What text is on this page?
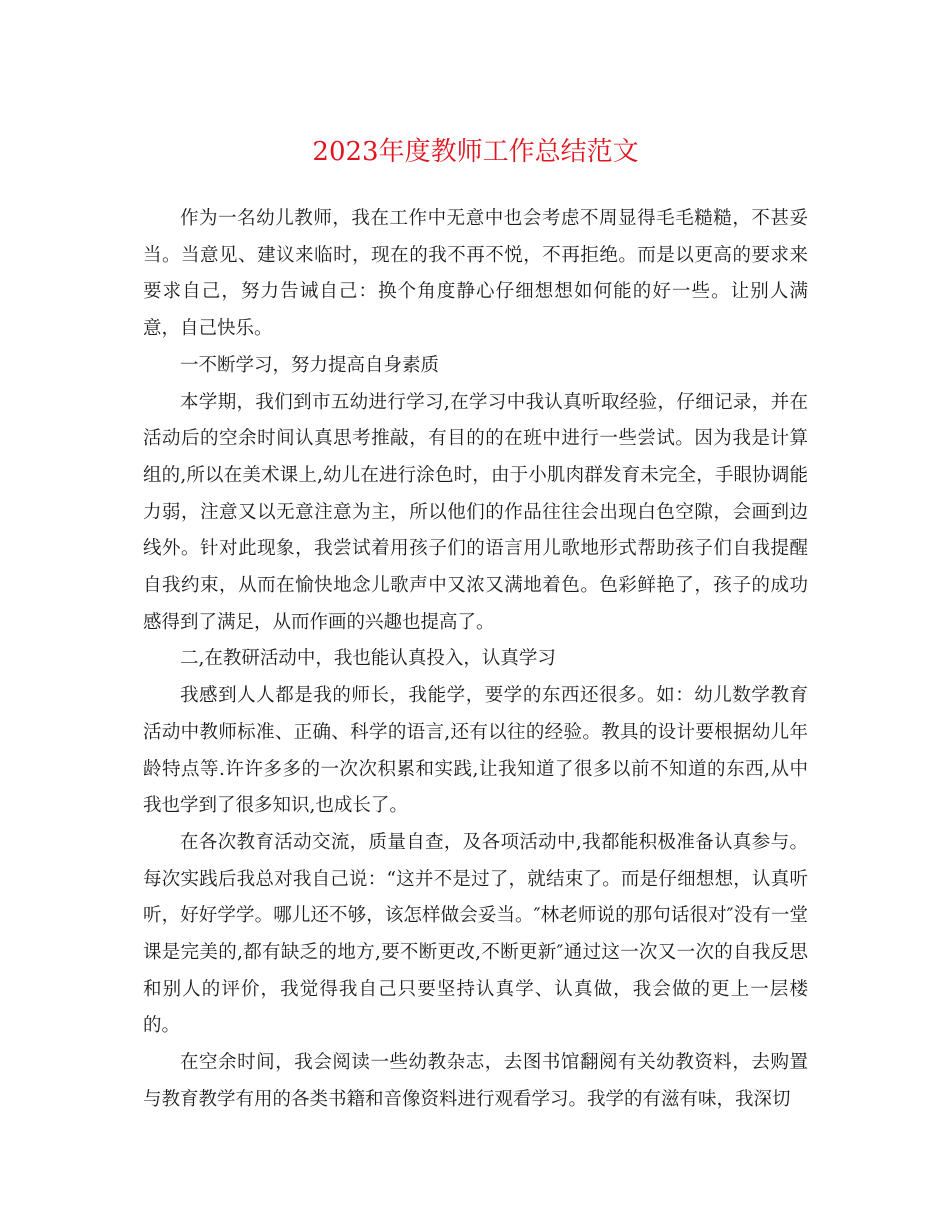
2023年度教师工作总结范文

作为一名幼儿教师，我在工作中无意中也会考虑不周显得毛毛糙糙，不甚妥当。当意见、建议来临时，现在的我不再不悦，不再拒绝。而是以更高的要求来要求自己，努力告诫自己：换个角度静心仔细想想如何能的好一些。让别人满意，自己快乐。

一不断学习，努力提高自身素质

本学期，我们到市五幼进行学习,在学习中我认真听取经验，仔细记录，并在活动后的空余时间认真思考推敲，有目的的在班中进行一些尝试。因为我是计算组的,所以在美术课上,幼儿在进行涂色时，由于小肌肉群发育未完全，手眼协调能力弱，注意又以无意注意为主，所以他们的作品往往会出现白色空隙，会画到边线外。针对此现象，我尝试着用孩子们的语言用儿歌地形式帮助孩子们自我提醒自我约束，从而在愉快地念儿歌声中又浓又满地着色。色彩鲜艳了，孩子的成功感得到了满足，从而作画的兴趣也提高了。

二,在教研活动中，我也能认真投入，认真学习

我感到人人都是我的师长，我能学，要学的东西还很多。如：幼儿数学教育活动中教师标准、正确、科学的语言,还有以往的经验。教具的设计要根据幼儿年龄特点等.许许多多的一次次积累和实践,让我知道了很多以前不知道的东西,从中我也学到了很多知识,也成长了。

在各次教育活动交流，质量自查，及各项活动中,我都能积极准备认真参与。每次实践后我总对我自己说：“这并不是过了，就结束了。而是仔细想想，认真听听，好好学学。哪儿还不够，该怎样做会妥当。″林老师说的那句话很对″没有一堂课是完美的,都有缺乏的地方,要不断更改,不断更新″通过这一次又一次的自我反思和别人的评价，我觉得我自己只要坚持认真学、认真做，我会做的更上一层楼的。

在空余时间，我会阅读一些幼教杂志，去图书馆翻阅有关幼教资料，去购置与教育教学有用的各类书籍和音像资料进行观看学习。我学的有滋有味，我深切
